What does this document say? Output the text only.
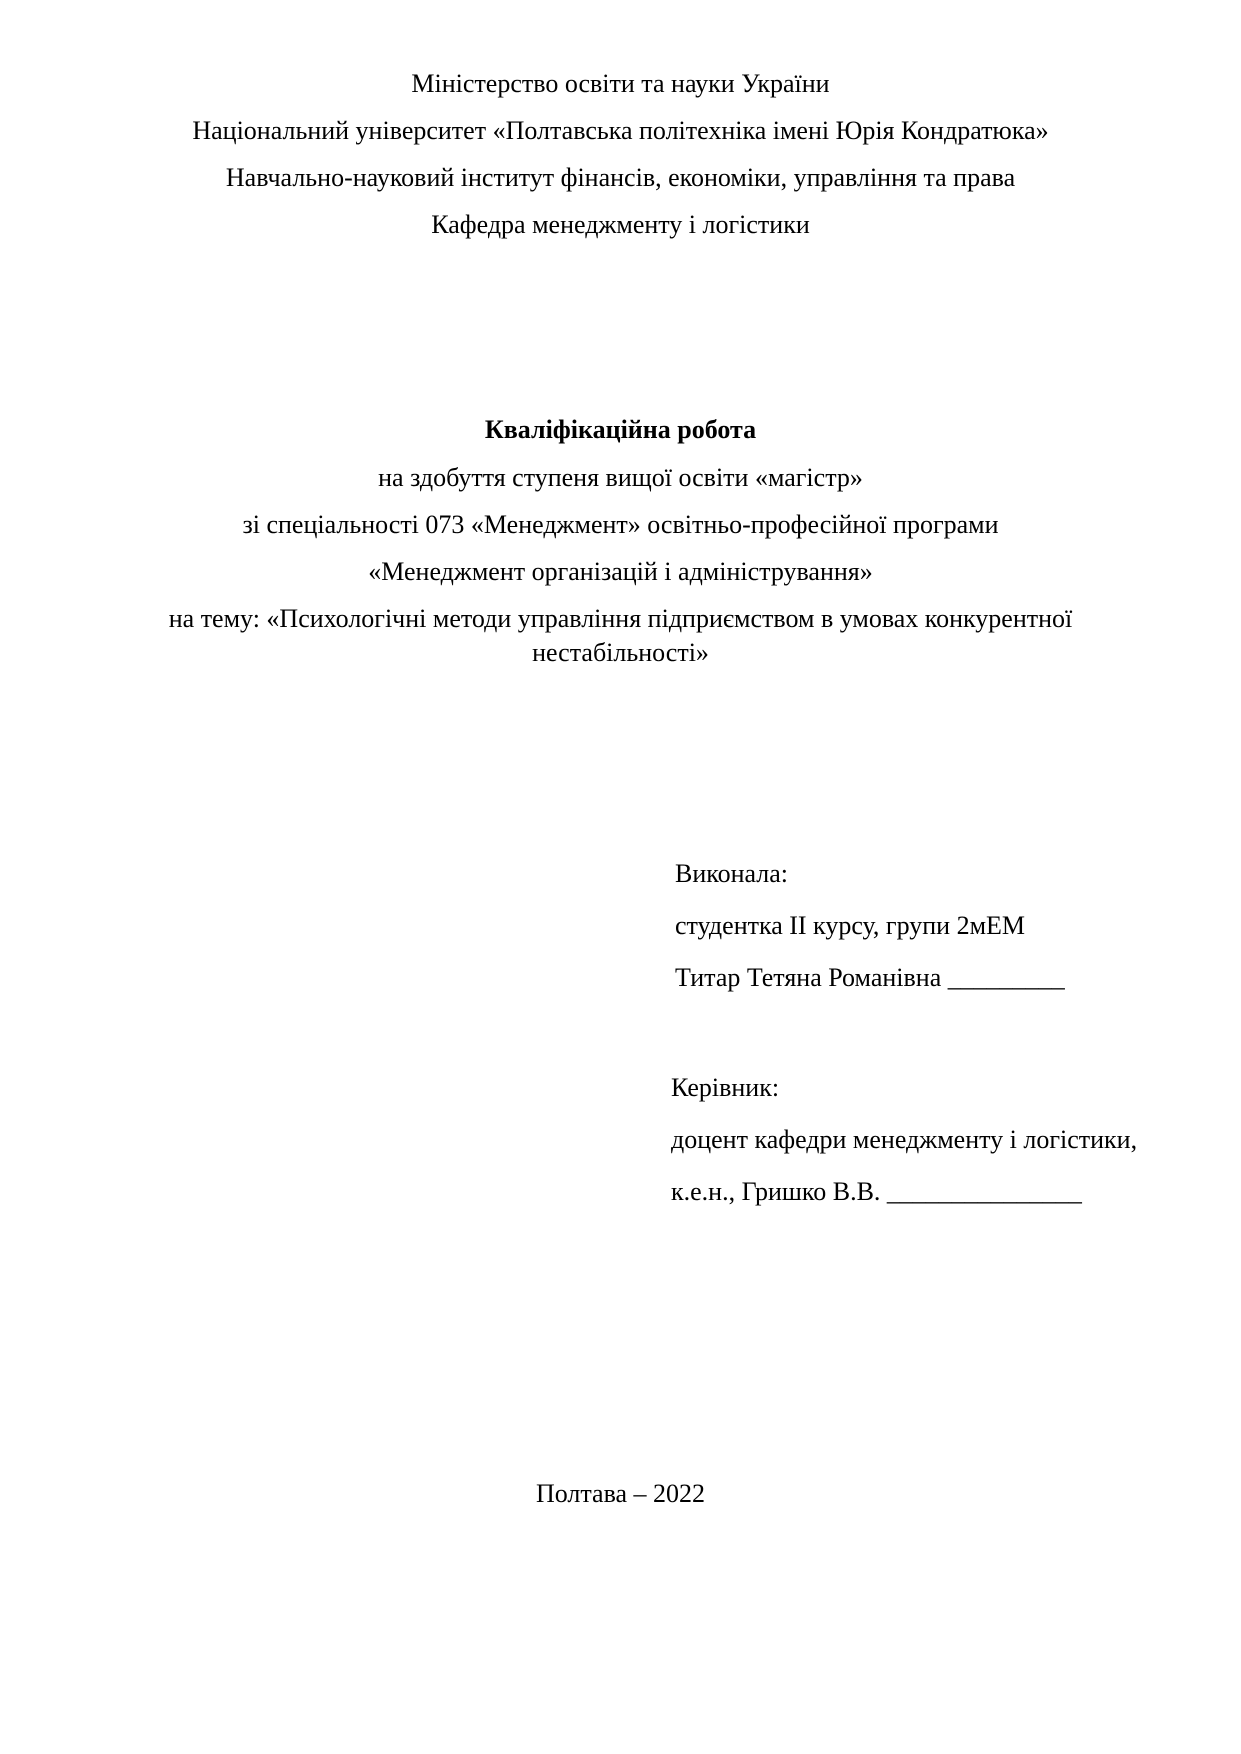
Міністерство освіти та науки України
Національний університет «Полтавська політехніка імені Юрія Кондратюка»
Навчально-науковий інститут фінансів, економіки, управління та права
Кафедра менеджменту і логістики
Кваліфікаційна робота
на здобуття ступеня вищої освіти «магістр»
зі спеціальності 073 «Менеджмент» освітньо-професійної програми
«Менеджмент організацій і адміністрування»
на тему: «Психологічні методи управління підприємством в умовах конкурентної
нестабільності»
Виконала:
студентка ІІ курсу, групи 2мЕМ
Титар Тетяна Романівна _________
Керівник:
доцент кафедри менеджменту і логістики,
к.е.н., Гришко В.В. _______________
Полтава – 2022
